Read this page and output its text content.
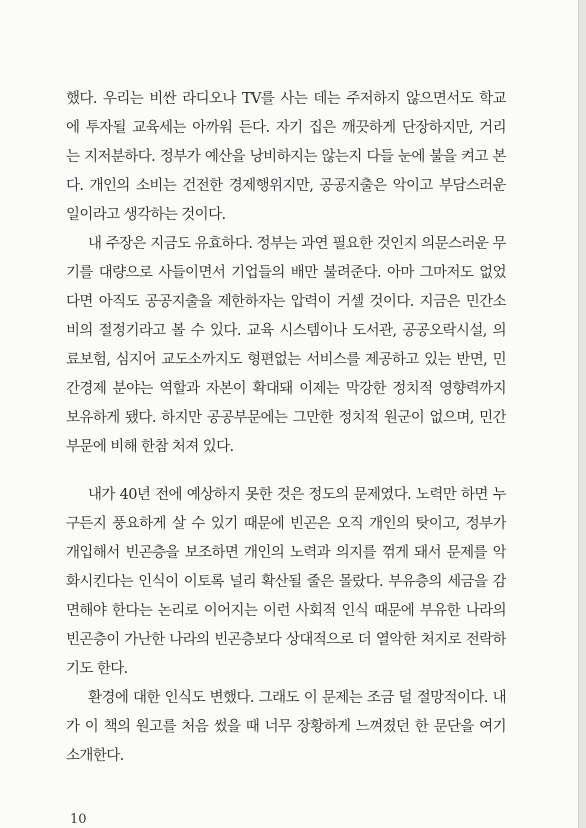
했다. 우리는 비싼 라디오나 TV를 사는 데는 주저하지 않으면서도 학교
에 투자될 교육세는 아까워 든다. 자기 집은 깨끗하게 단장하지만, 거리
는 지저분하다. 정부가 예산을 낭비하지는 않는지 다들 눈에 불을 켜고 본
다. 개인의 소비는 건전한 경제행위지만, 공공지출은 악이고 부담스러운
일이라고 생각하는 것이다.
내 주장은 지금도 유효하다. 정부는 과연 필요한 것인지 의문스러운 무
기를 대량으로 사들이면서 기업들의 배만 불려준다. 아마 그마저도 없었
다면 아직도 공공지출을 제한하자는 압력이 거셀 것이다. 지금은 민간소
비의 절정기라고 볼 수 있다. 교육 시스템이나 도서관, 공공오락시설, 의
료보험, 심지어 교도소까지도 형편없는 서비스를 제공하고 있는 반면, 민
간경제 분야는 역할과 자본이 확대돼 이제는 막강한 정치적 영향력까지
보유하게 됐다. 하지만 공공부문에는 그만한 정치적 원군이 없으며, 민간
부문에 비해 한참 처져 있다.
내가 40년 전에 예상하지 못한 것은 정도의 문제였다. 노력만 하면 누
구든지 풍요하게 살 수 있기 때문에 빈곤은 오직 개인의 탓이고, 정부가
개입해서 빈곤층을 보조하면 개인의 노력과 의지를 꺾게 돼서 문제를 악
화시킨다는 인식이 이토록 널리 확산될 줄은 몰랐다. 부유층의 세금을 감
면해야 한다는 논리로 이어지는 이런 사회적 인식 때문에 부유한 나라의
빈곤층이 가난한 나라의 빈곤층보다 상대적으로 더 열악한 처지로 전락하
기도 한다.
환경에 대한 인식도 변했다. 그래도 이 문제는 조금 덜 절망적이다. 내
가 이 책의 원고를 처음 썼을 때 너무 장황하게 느껴졌던 한 문단을 여기
소개한다.
10
